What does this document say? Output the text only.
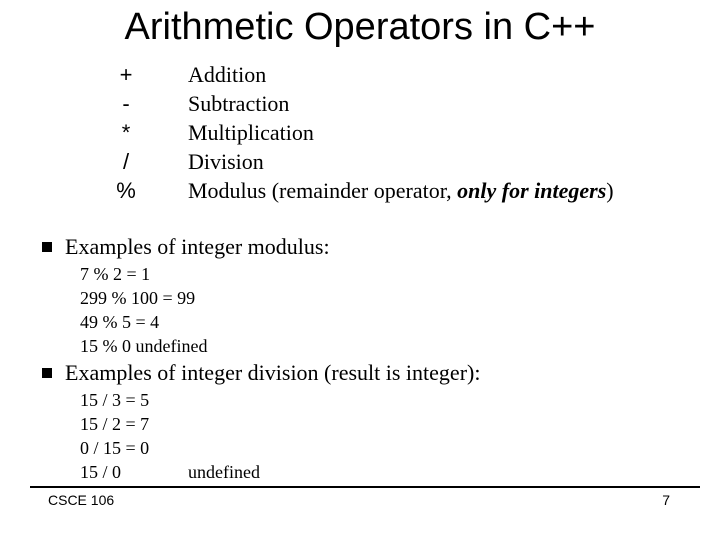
Arithmetic Operators in C++
+	Addition
-	Subtraction
*	Multiplication
/	Division
% Modulus (remainder operator, only for integers)
Examples of integer modulus:
7 % 2 = 1
299 % 100 = 99
49 % 5 = 4
15 % 0 undefined
Examples of integer division (result is integer):
15 / 3 = 5
15 / 2 = 7
0 / 15 = 0
15 / 0	undefined
CSCE 106	7
